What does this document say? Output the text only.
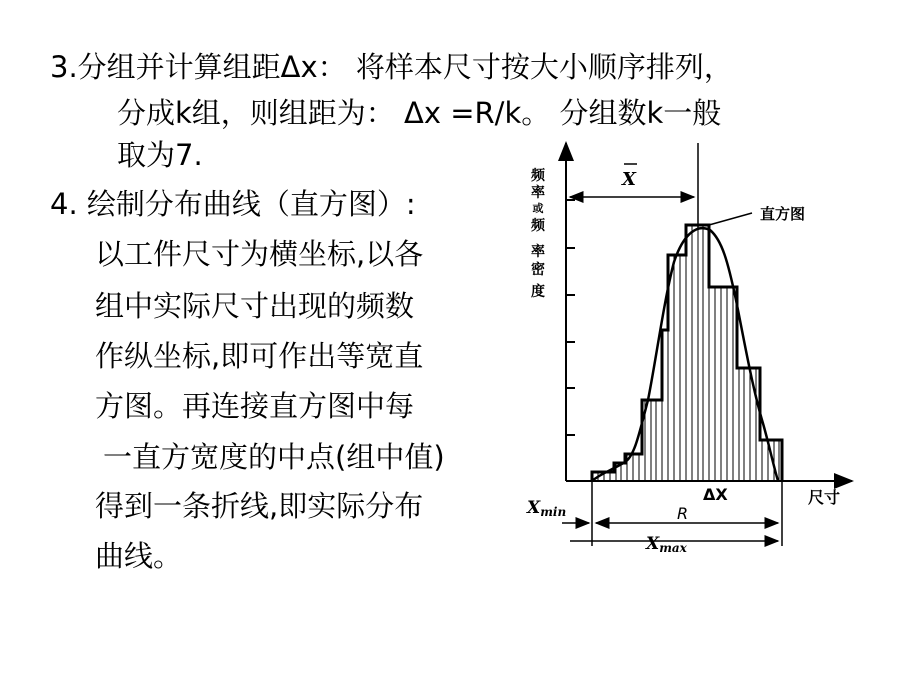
3.分组并计算组距Δx： 将样本尺寸按大小顺序排列，
分成k组，则组距为： Δx =R/k。 分组数k一般
取为7.
4. 绘制分布曲线（直方图）:
以工件尺寸为横坐标,以各
组中实际尺寸出现的频数
作纵坐标,即可作出等宽直
方图。再连接直方图中每
一直方宽度的中点(组中值)
得到一条折线,即实际分布
曲线。
频
率
或
频
率
密
度
尺寸
X
直方图
ΔX
Xmin	R
Xmax
